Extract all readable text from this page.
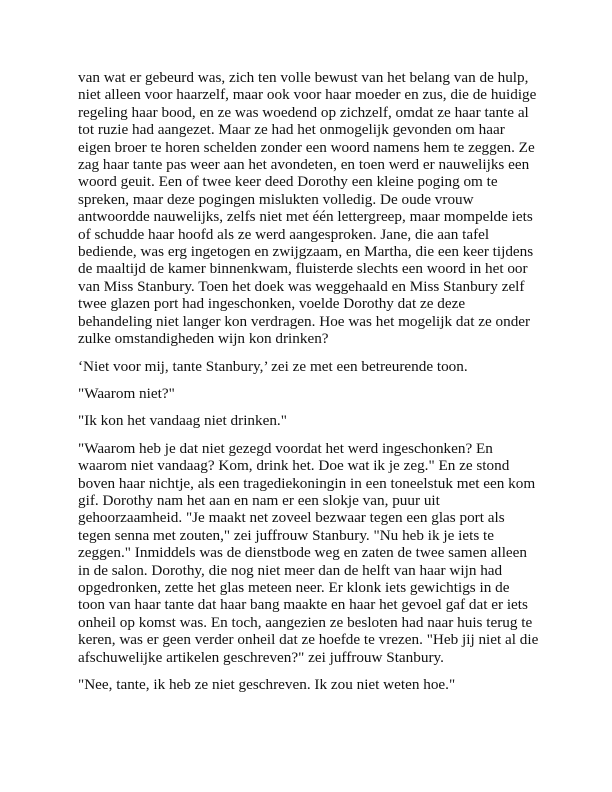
van wat er gebeurd was, zich ten volle bewust van het belang van de hulp, niet alleen voor haarzelf, maar ook voor haar moeder en zus, die de huidige regeling haar bood, en ze was woedend op zichzelf, omdat ze haar tante al tot ruzie had aangezet. Maar ze had het onmogelijk gevonden om haar eigen broer te horen schelden zonder een woord namens hem te zeggen. Ze zag haar tante pas weer aan het avondeten, en toen werd er nauwelijks een woord geuit. Een of twee keer deed Dorothy een kleine poging om te spreken, maar deze pogingen mislukten volledig. De oude vrouw antwoordde nauwelijks, zelfs niet met één lettergreep, maar mompelde iets of schudde haar hoofd als ze werd aangesproken. Jane, die aan tafel bediende, was erg ingetogen en zwijgzaam, en Martha, die een keer tijdens de maaltijd de kamer binnenkwam, fluisterde slechts een woord in het oor van Miss Stanbury. Toen het doek was weggehaald en Miss Stanbury zelf twee glazen port had ingeschonken, voelde Dorothy dat ze deze behandeling niet langer kon verdragen. Hoe was het mogelijk dat ze onder zulke omstandigheden wijn kon drinken?

‘Niet voor mij, tante Stanbury,’ zei ze met een betreurende toon.

"Waarom niet?"

"Ik kon het vandaag niet drinken."

"Waarom heb je dat niet gezegd voordat het werd ingeschonken? En waarom niet vandaag? Kom, drink het. Doe wat ik je zeg." En ze stond boven haar nichtje, als een tragediekoningin in een toneelstuk met een kom gif. Dorothy nam het aan en nam er een slokje van, puur uit gehoorzaamheid. "Je maakt net zoveel bezwaar tegen een glas port als tegen senna met zouten," zei juffrouw Stanbury. "Nu heb ik je iets te zeggen." Inmiddels was de dienstbode weg en zaten de twee samen alleen in de salon. Dorothy, die nog niet meer dan de helft van haar wijn had opgedronken, zette het glas meteen neer. Er klonk iets gewichtigs in de toon van haar tante dat haar bang maakte en haar het gevoel gaf dat er iets onheil op komst was. En toch, aangezien ze besloten had naar huis terug te keren, was er geen verder onheil dat ze hoefde te vrezen. "Heb jij niet al die afschuwelijke artikelen geschreven?" zei juffrouw Stanbury.

"Nee, tante, ik heb ze niet geschreven. Ik zou niet weten hoe."
